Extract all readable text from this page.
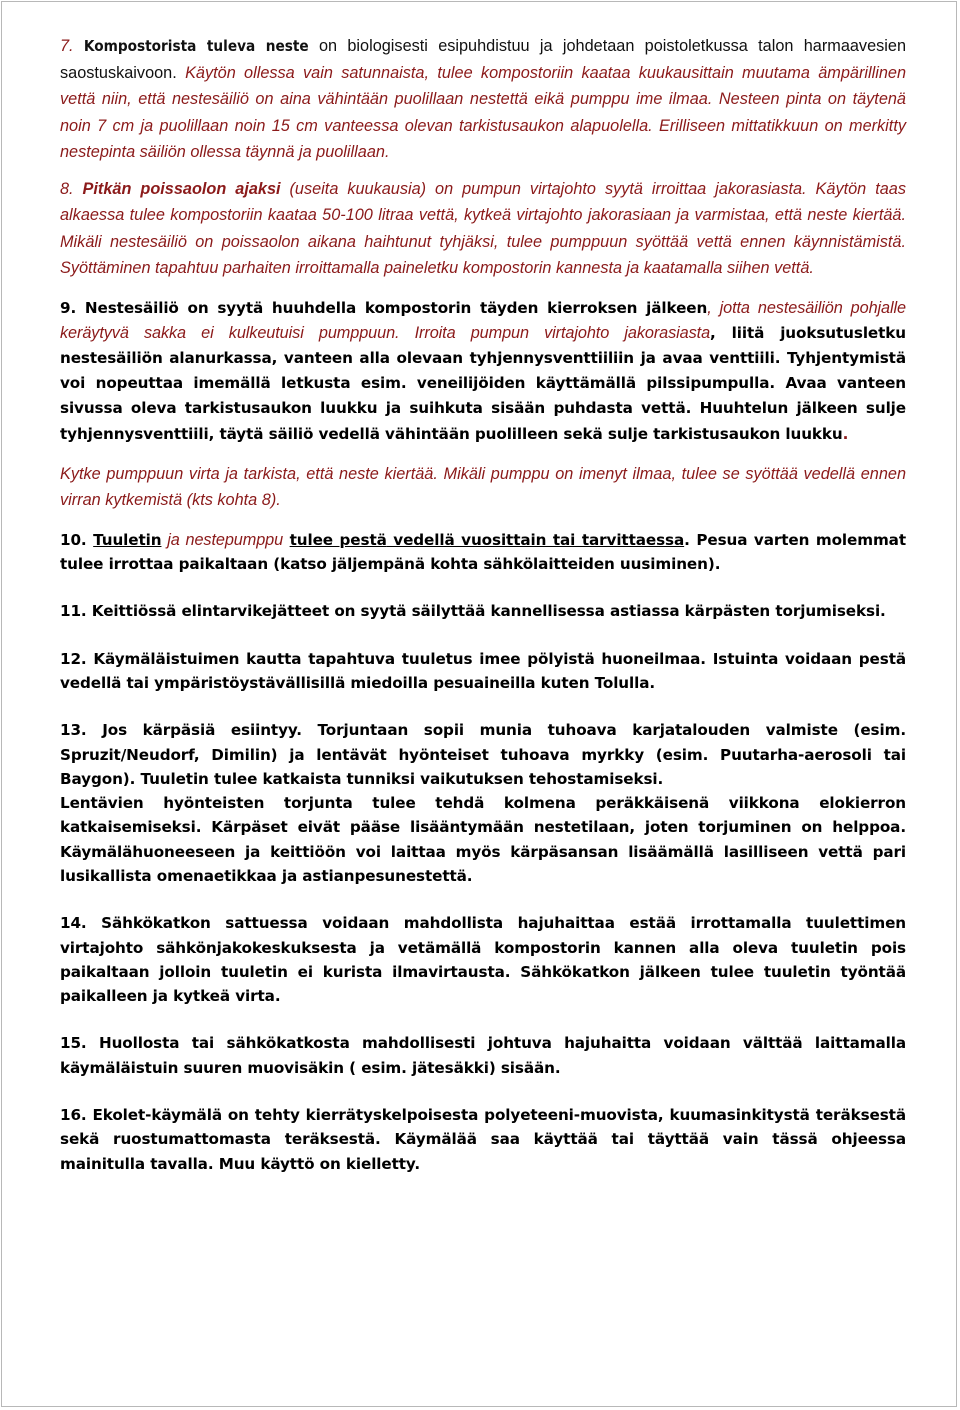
7. Kompostorista tuleva neste on biologisesti esipuhdistuu ja johdetaan poistoletkussa talon harmaavesien saostuskaivoon. Käytön ollessa vain satunnaista, tulee kompostoriin kaataa kuukausittain muutama ämpärillinen vettä niin, että nestesäiliö on aina vähintään puolillaan nestettä eikä pumppu ime ilmaa. Nesteen pinta on täytenä noin 7 cm ja puolillaan noin 15 cm vanteessa olevan tarkistusaukon alapuolella. Erilliseen mittatikkuun on merkitty nestepinta säiliön ollessa täynnä ja puolillaan.

8. Pitkän poissaolon ajaksi (useita kuukausia) on pumpun virtajohto syytä irroittaa jakorasiasta. Käytön taas alkaessa tulee kompostoriin kaataa 50-100 litraa vettä, kytkeä virtajohto jakorasiaan ja varmistaa, että neste kiertää. Mikäli nestesäiliö on poissaolon aikana haihtunut tyhjäksi, tulee pumppuun syöttää vettä ennen käynnistämistä. Syöttäminen tapahtuu parhaiten irroittamalla paineletku kompostorin kannesta ja kaatamalla siihen vettä.

9. Nestesäiliö on syytä huuhdella kompostorin täyden kierroksen jälkeen, jotta nestesäiliön pohjalle keräytyvä sakka ei kulkeutuisi pumppuun. Irroita pumpun virtajohto jakorasiasta, liitä juoksutusletku nestesäiliön alanurkassa, vanteen alla olevaan tyhjennysventtiiliin ja avaa venttiili. Tyhjentymistä voi nopeuttaa imemällä letkusta esim. veneilijöiden käyttämällä pilssipumpulla. Avaa vanteen sivussa oleva tarkistusaukon luukku ja suihkuta sisään puhdasta vettä. Huuhtelun jälkeen sulje tyhjennysventtiili, täytä säiliö vedellä vähintään puolilleen sekä sulje tarkistusaukon luukku.

Kytke pumppuun virta ja tarkista, että neste kiertää. Mikäli pumppu on imenyt ilmaa, tulee se syöttää vedellä ennen virran kytkemistä (kts kohta 8).

10. Tuuletin ja nestepumppu tulee pestä vedellä vuosittain tai tarvittaessa. Pesua varten molemmat tulee irrottaa paikaltaan (katso jäljempänä kohta sähkölaitteiden uusiminen).

11. Keittiössä elintarvikejätteet on syytä säilyttää kannellisessa astiassa kärpästen torjumiseksi.

12. Käymäläistuimen kautta tapahtuva tuuletus imee pölyistä huoneilmaa. Istuinta voidaan pestä vedellä tai ympäristöystävällisillä miedoilla pesuaineilla kuten Tolulla.

13. Jos kärpäsiä esiintyy. Torjuntaan sopii munia tuhoava karjatalouden valmiste (esim. Spruzit/Neudorf, Dimilin) ja lentävät hyönteiset tuhoava myrkky (esim. Puutarha-aerosoli tai Baygon). Tuuletin tulee katkaista tunniksi vaikutuksen tehostamiseksi.

Lentävien hyönteisten torjunta tulee tehdä kolmena peräkkäisenä viikkona elokierron katkaisemiseksi. Kärpäset eivät pääse lisääntymään nestetilaan, joten torjuminen on helppoa. Käymälähuoneeseen ja keittiöön voi laittaa myös kärpäsansan lisäämällä lasilliseen vettä pari lusikallista omenaetikkaa ja astianpesunestettä.

14. Sähkökatkon sattuessa voidaan mahdollista hajuhaittaa estää irrottamalla tuulettimen virtajohto sähkönjakokeskuksesta ja vetämällä kompostorin kannen alla oleva tuuletin pois paikaltaan jolloin tuuletin ei kurista ilmavirtausta. Sähkökatkon jälkeen tulee tuuletin työntää paikalleen ja kytkeä virta.

15. Huollosta tai sähkökatkosta mahdollisesti johtuva hajuhaitta voidaan välttää laittamalla käymäläistuin suuren muovisäkin ( esim. jätesäkki) sisään.

16. Ekolet-käymälä on tehty kierrätyskelpoisesta polyeteeni-muovista, kuumasinkitystä teräksestä sekä ruostumattomasta teräksestä. Käymälää saa käyttää tai täyttää vain tässä ohjeessa mainitulla tavalla. Muu käyttö on kielletty.
